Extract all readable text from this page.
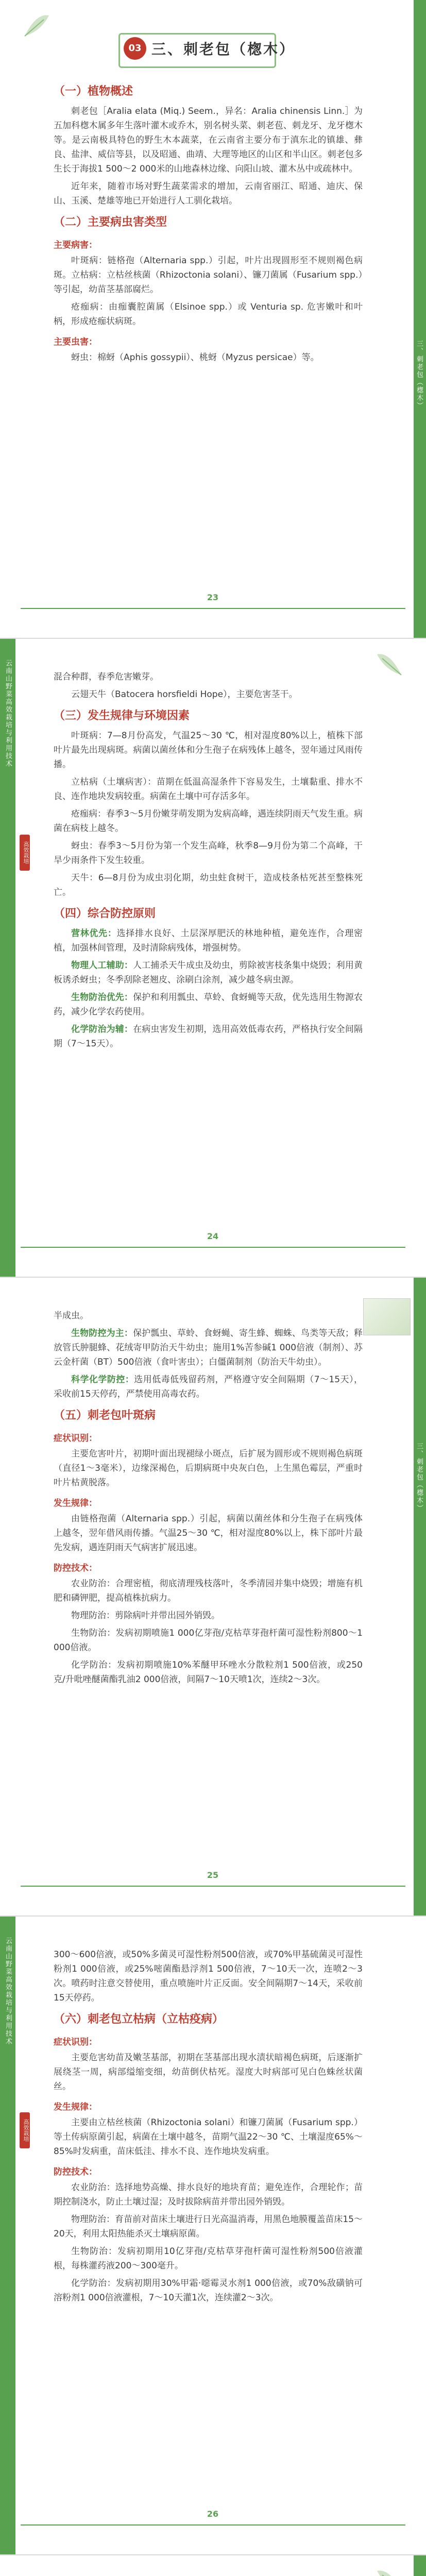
三、刺老包（楤木）
03 三、刺老包（楤木）
（一）植物概述

刺老包［Aralia elata (Miq.) Seem.，异名：Aralia chinensis Linn.］为五加科楤木属多年生落叶灌木或乔木，别名树头菜、刺老苞、刺龙牙、龙牙楤木等。是云南极具特色的野生木本蔬菜，在云南省主要分布于滇东北的镇雄、彝良、盐津、威信等县，以及昭通、曲靖、大理等地区的山区和半山区。刺老包多生长于海拔1 500～2 000米的山地森林边缘、向阳山坡、灌木丛中或疏林中。

近年来，随着市场对野生蔬菜需求的增加，云南省丽江、昭通、迪庆、保山、玉溪、楚雄等地已开始进行人工驯化栽培。

（二）主要病虫害类型
主要病害：

叶斑病：链格孢（Alternaria spp.）引起，叶片出现圆形至不规则褐色病斑。立枯病：立枯丝核菌（Rhizoctonia solani）、镰刀菌属（Fusarium spp.）等引起，幼苗茎基部腐烂。

疮痂病：由痂囊腔菌属（Elsinoe spp.）或 Venturia sp. 危害嫩叶和叶柄，形成疮痂状病斑。

主要虫害：

蚜虫：棉蚜（Aphis gossypii）、桃蚜（Myzus persicae）等。

23
云南山野菜高效栽培与利用技术
高效栽培

混合种群，春季危害嫩芽。

云翅天牛（Batocera horsfieldi Hope），主要危害茎干。

（三）发生规律与环境因素

叶斑病：7—8月份高发，气温25～30 ℃，相对湿度80%以上，植株下部叶片最先出现病斑。病菌以菌丝体和分生孢子在病残体上越冬，翌年通过风雨传播。

立枯病（土壤病害）：苗期在低温高湿条件下容易发生，土壤黏重、排水不良、连作地块发病较重。病菌在土壤中可存活多年。

疮痂病：春季3～5月份嫩芽萌发期为发病高峰，遇连续阴雨天气发生重。病菌在病枝上越冬。

蚜虫：春季3～5月份为第一个发生高峰，秋季8—9月份为第二个高峰，干旱少雨条件下发生较重。

天牛：6—8月份为成虫羽化期，幼虫蛀食树干，造成枝条枯死甚至整株死亡。

（四）综合防控原则

营林优先：选择排水良好、土层深厚肥沃的林地种植，避免连作，合理密植，加强林间管理，及时清除病残体，增强树势。

物理人工辅助：人工捕杀天牛成虫及幼虫，剪除被害枝条集中烧毁；利用黄板诱杀蚜虫；冬季刮除老翘皮、涂刷白涂剂，减少越冬病虫源。

生物防治优先：保护和利用瓢虫、草蛉、食蚜蝇等天敌，优先选用生物源农药，减少化学农药使用。

化学防治为辅：在病虫害发生初期，选用高效低毒农药，严格执行安全间隔期（7～15天）。

24
三、刺老包（楤木）

半成虫。

生物防控为主：保护瓢虫、草蛉、食蚜蝇、寄生蜂、蜘蛛、鸟类等天敌；释放管氏肿腿蜂、花绒寄甲防治天牛幼虫；施用1%苦参碱1 000倍液（制剂）、苏云金杆菌（BT）500倍液（食叶害虫）；白僵菌制剂（防治天牛幼虫）。

科学化学防控：选用低毒低残留药剂，严格遵守安全间隔期（7～15天），采收前15天停药，严禁使用高毒农药。

（五）刺老包叶斑病
症状识别：

主要危害叶片，初期叶面出现褪绿小斑点，后扩展为圆形或不规则褐色病斑（直径1～3毫米），边缘深褐色，后期病斑中央灰白色，上生黑色霉层，严重时叶片枯黄脱落。

发生规律：

由链格孢菌（Alternaria spp.）引起，病菌以菌丝体和分生孢子在病残体上越冬，翌年借风雨传播。气温25～30 ℃，相对湿度80%以上，株下部叶片最先发病，遇连阴雨天气病害扩展迅速。

防控技术：

农业防治：合理密植，彻底清理残枝落叶，冬季清园并集中烧毁；增施有机肥和磷钾肥，提高植株抗病力。

物理防治：剪除病叶并带出园外销毁。

生物防治：发病初期喷施1 000亿芽孢/克枯草芽孢杆菌可湿性粉剂800～1 000倍液。

化学防治：发病初期喷施10%苯醚甲环唑水分散粒剂1 500倍液，或250克/升吡唑醚菌酯乳油2 000倍液，间隔7～10天喷1次，连续2～3次。

25
云南山野菜高效栽培与利用技术
高效栽培

300～600倍液，或50%多菌灵可湿性粉剂500倍液，或70%甲基硫菌灵可湿性粉剂1 000倍液，或25%嘧菌酯悬浮剂1 500倍液，7～10天一次，连喷2～3次。喷药时注意交替使用，重点喷施叶片正反面。安全间隔期7～14天，采收前15天停药。

（六）刺老包立枯病（立枯疫病）
症状识别：

主要危害幼苗及嫩茎基部，初期在茎基部出现水渍状暗褐色病斑，后逐渐扩展绕茎一周，病部缢缩变细，幼苗倒伏枯死。湿度大时病部可见白色蛛丝状菌丝。

发生规律：

主要由立枯丝核菌（Rhizoctonia solani）和镰刀菌属（Fusarium spp.）等土传病原菌引起，病菌在土壤中越冬，苗期气温22～30 ℃、土壤湿度65%～85%时发病重，苗床低洼、排水不良、连作地块发病重。

防控技术：

农业防治：选择地势高燥、排水良好的地块育苗；避免连作，合理轮作；苗期控制浇水，防止土壤过湿；及时拔除病苗并带出园外销毁。

物理防治：育苗前对苗床土壤进行日光高温消毒，用黑色地膜覆盖苗床15～20天，利用太阳热能杀灭土壤病原菌。

生物防治：发病初期用10亿芽孢/克枯草芽孢杆菌可湿性粉剂500倍液灌根，每株灌药液200～300毫升。

化学防治：发病初期用30%甲霜·噁霉灵水剂1 000倍液，或70%敌磺钠可溶粉剂1 000倍液灌根，7～10天灌1次，连续灌2～3次。

26
